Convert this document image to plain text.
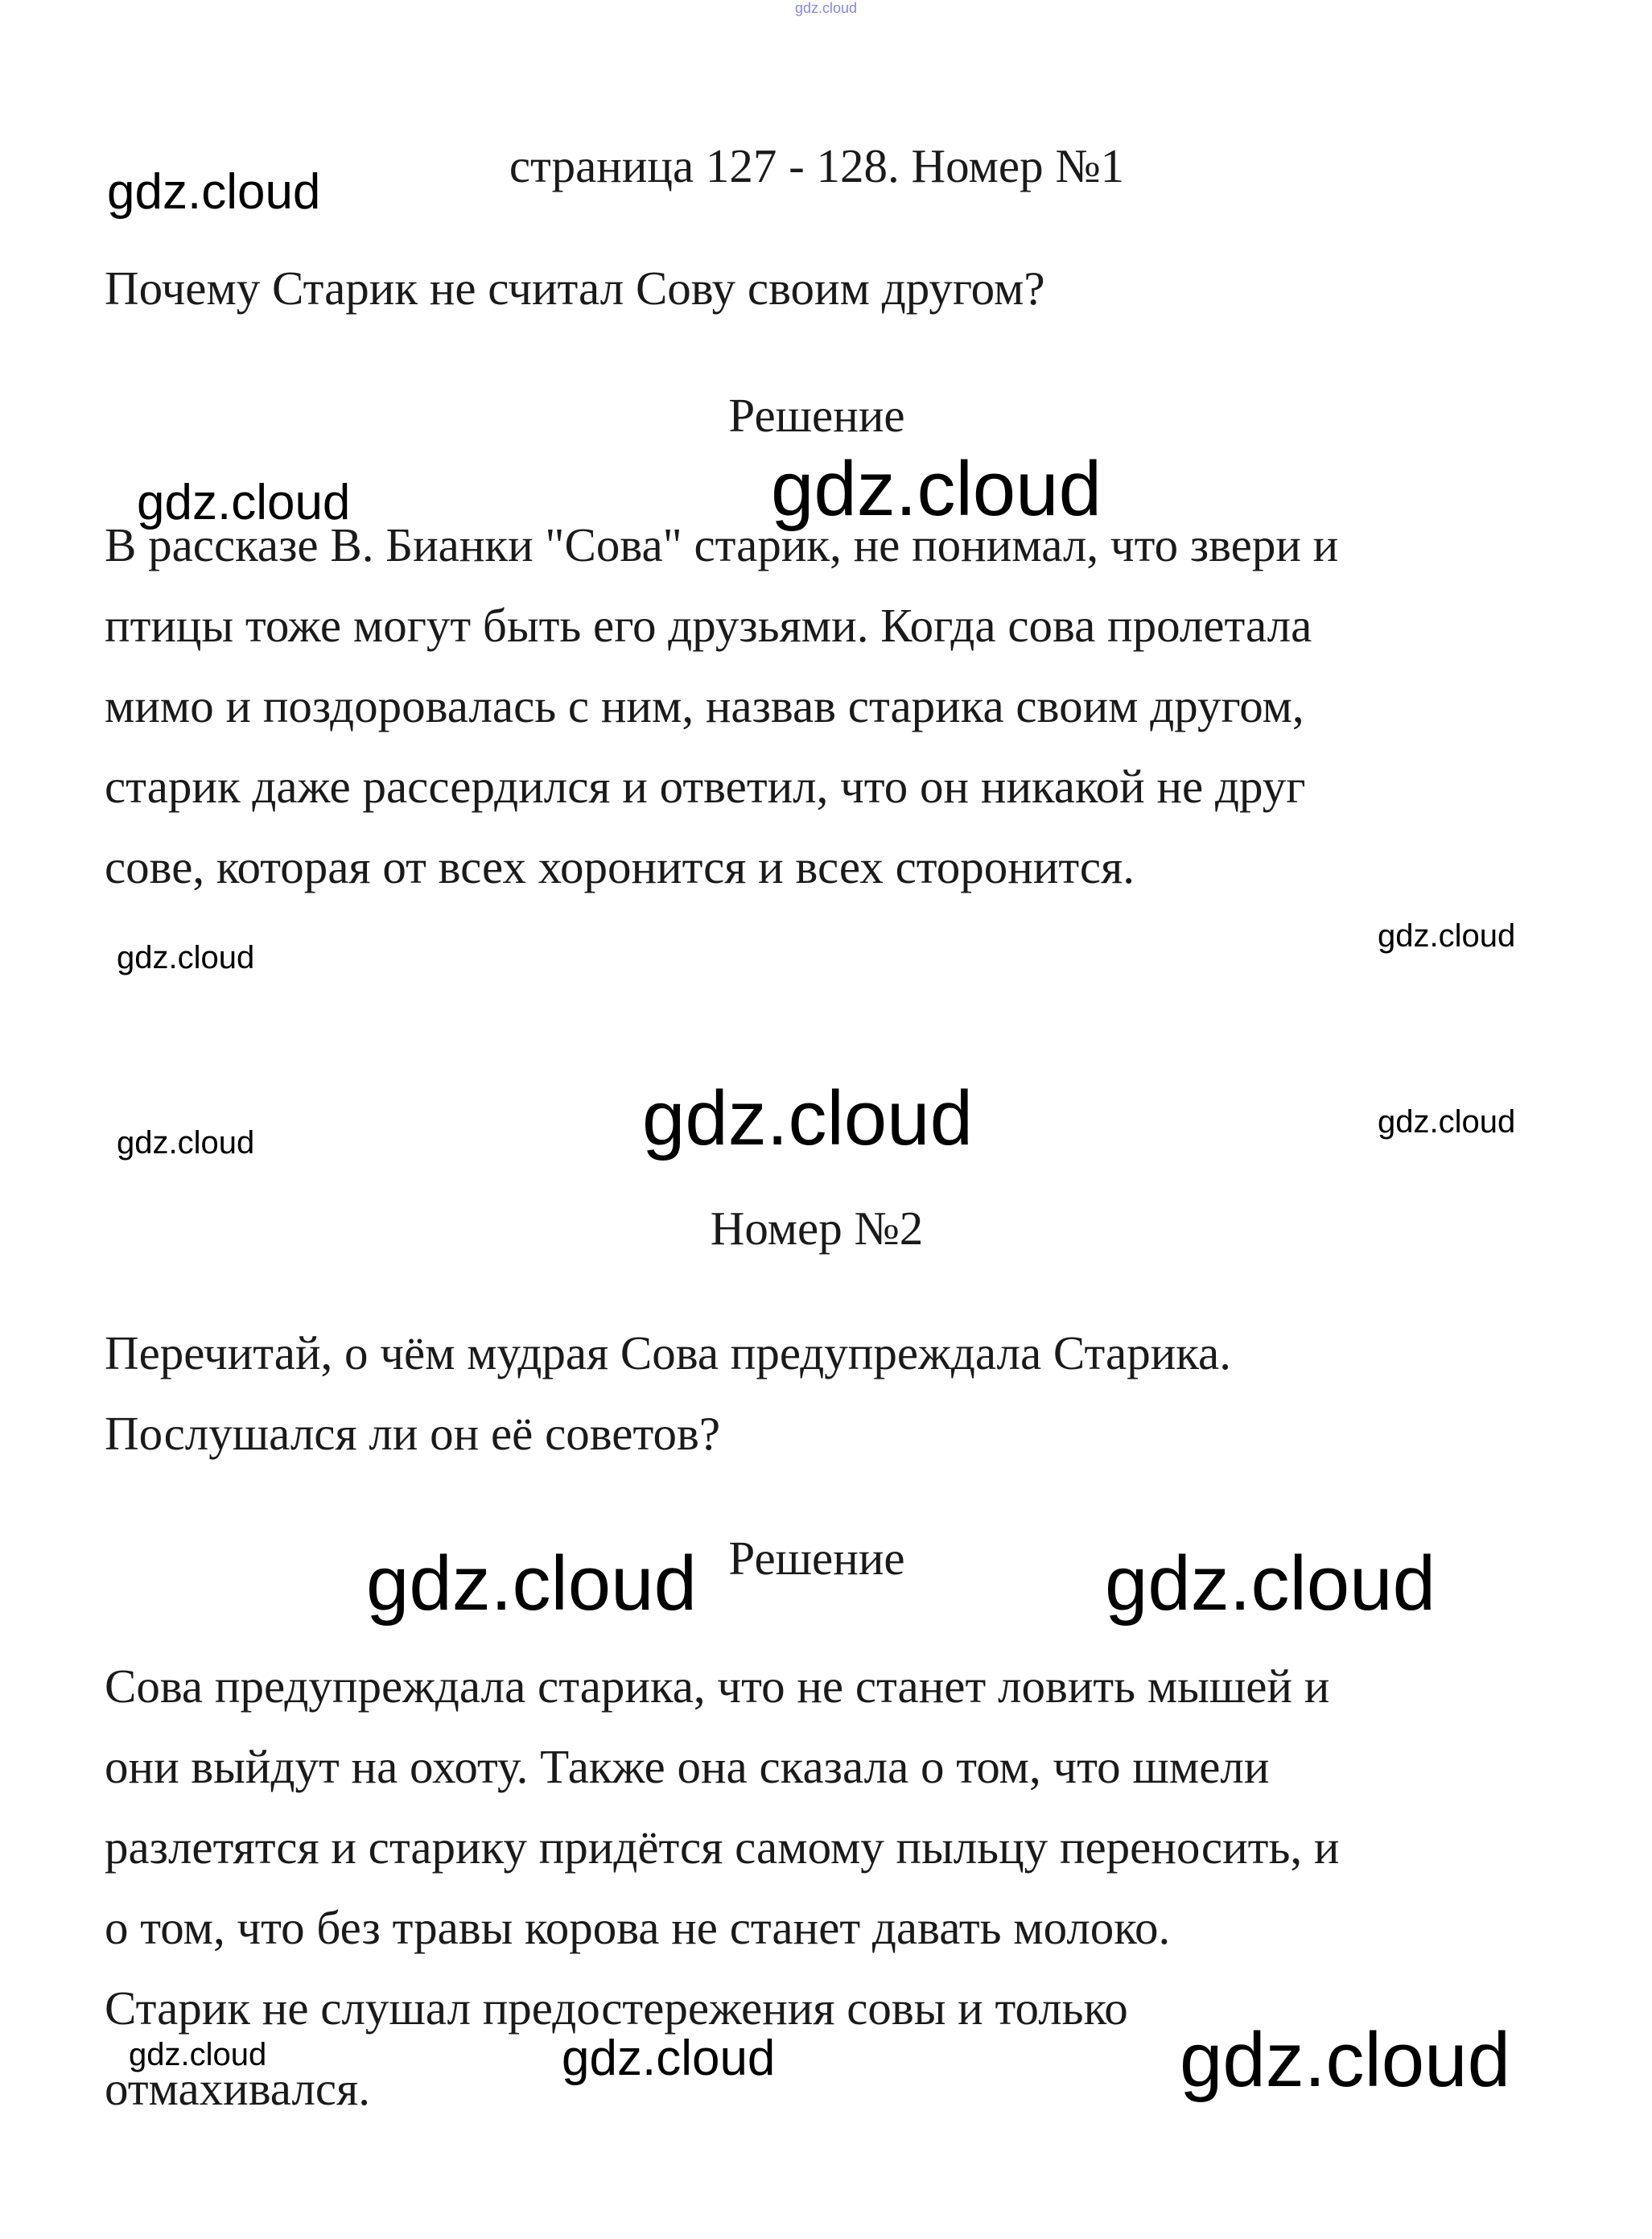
gdz.cloud
страница 127 - 128. Номер №1
Почему Старик не считал Сову своим другом?
Решение
В рассказе В. Бианки "Сова" старик, не понимал, что звери и
птицы тоже могут быть его друзьями. Когда сова пролетала
мимо и поздоровалась с ним, назвав старика своим другом,
старик даже рассердился и ответил, что он никакой не друг
сове, которая от всех хоронится и всех сторонится.
Номер №2
Перечитай, о чём мудрая Сова предупреждала Старика.
Послушался ли он её советов?
Решение
Сова предупреждала старика, что не станет ловить мышей и
они выйдут на охоту. Также она сказала о том, что шмели
разлетятся и старику придётся самому пыльцу переносить, и
о том, что без травы корова не станет давать молоко.
Старик не слушал предостережения совы и только
отмахивался.
gdz.cloud
gdz.cloud	gdz.cloud
gdz.cloud
gdz.cloud
gdz.cloud
gdz.cloud
gdz.cloud
gdz.cloud	gdz.cloud
gdz.cloud	gdz.cloud	gdz.cloud
